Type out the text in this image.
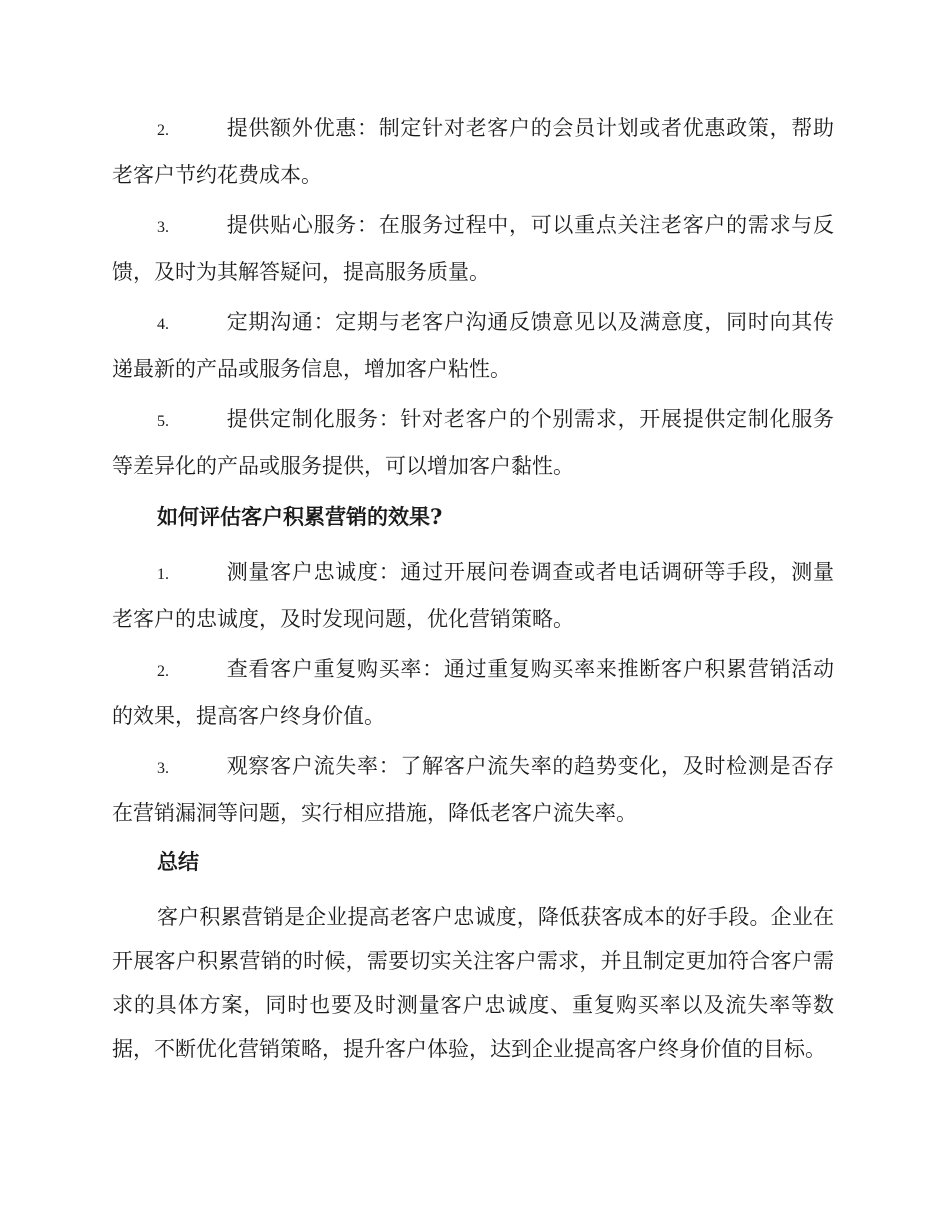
2.	提供额外优惠：制定针对老客户的会员计划或者优惠政策，帮助老客户节约花费成本。

3.	提供贴心服务：在服务过程中，可以重点关注老客户的需求与反馈，及时为其解答疑问，提高服务质量。

4.	定期沟通：定期与老客户沟通反馈意见以及满意度，同时向其传递最新的产品或服务信息，增加客户粘性。

5.	提供定制化服务：针对老客户的个别需求，开展提供定制化服务等差异化的产品或服务提供，可以增加客户黏性。

如何评估客户积累营销的效果?

1.	测量客户忠诚度：通过开展问卷调查或者电话调研等手段，测量老客户的忠诚度，及时发现问题，优化营销策略。

2.	查看客户重复购买率：通过重复购买率来推断客户积累营销活动的效果，提高客户终身价值。

3.	观察客户流失率：了解客户流失率的趋势变化，及时检测是否存在营销漏洞等问题，实行相应措施，降低老客户流失率。

总结

客户积累营销是企业提高老客户忠诚度，降低获客成本的好手段。企业在开展客户积累营销的时候，需要切实关注客户需求，并且制定更加符合客户需求的具体方案，同时也要及时测量客户忠诚度、重复购买率以及流失率等数据，不断优化营销策略，提升客户体验，达到企业提高客户终身价值的目标。
